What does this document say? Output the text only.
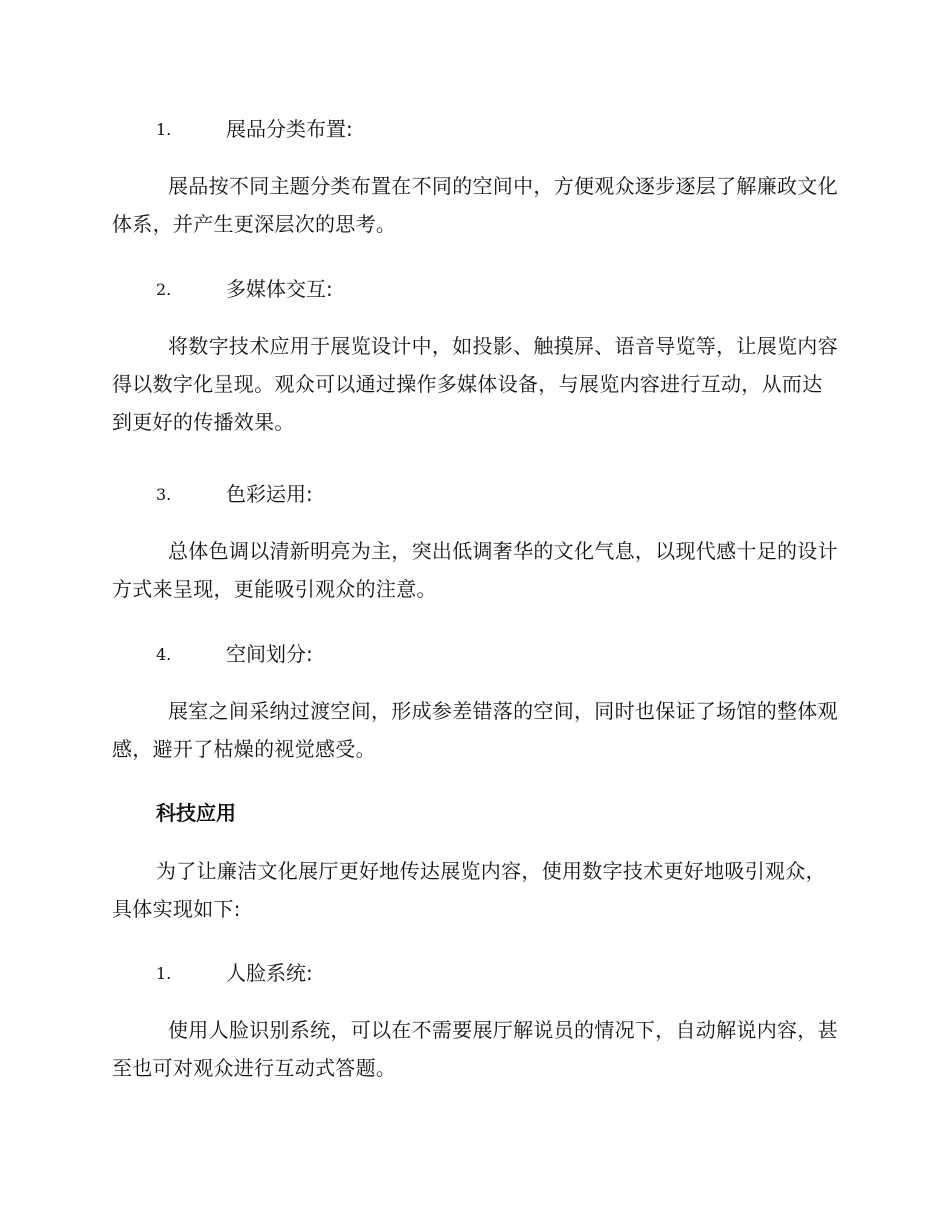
1.	展品分类布置:
展品按不同主题分类布置在不同的空间中，方便观众逐步逐层了解廉政文化体系，并产生更深层次的思考。
2.	多媒体交互:
将数字技术应用于展览设计中，如投影、触摸屏、语音导览等，让展览内容得以数字化呈现。观众可以通过操作多媒体设备，与展览内容进行互动，从而达到更好的传播效果。
3.	色彩运用:
总体色调以清新明亮为主，突出低调奢华的文化气息，以现代感十足的设计方式来呈现，更能吸引观众的注意。
4.	空间划分:
展室之间采纳过渡空间，形成参差错落的空间，同时也保证了场馆的整体观感，避开了枯燥的视觉感受。
科技应用
为了让廉洁文化展厅更好地传达展览内容，使用数字技术更好地吸引观众，具体实现如下:
1.	人脸系统:
使用人脸识别系统，可以在不需要展厅解说员的情况下，自动解说内容，甚至也可对观众进行互动式答题。
